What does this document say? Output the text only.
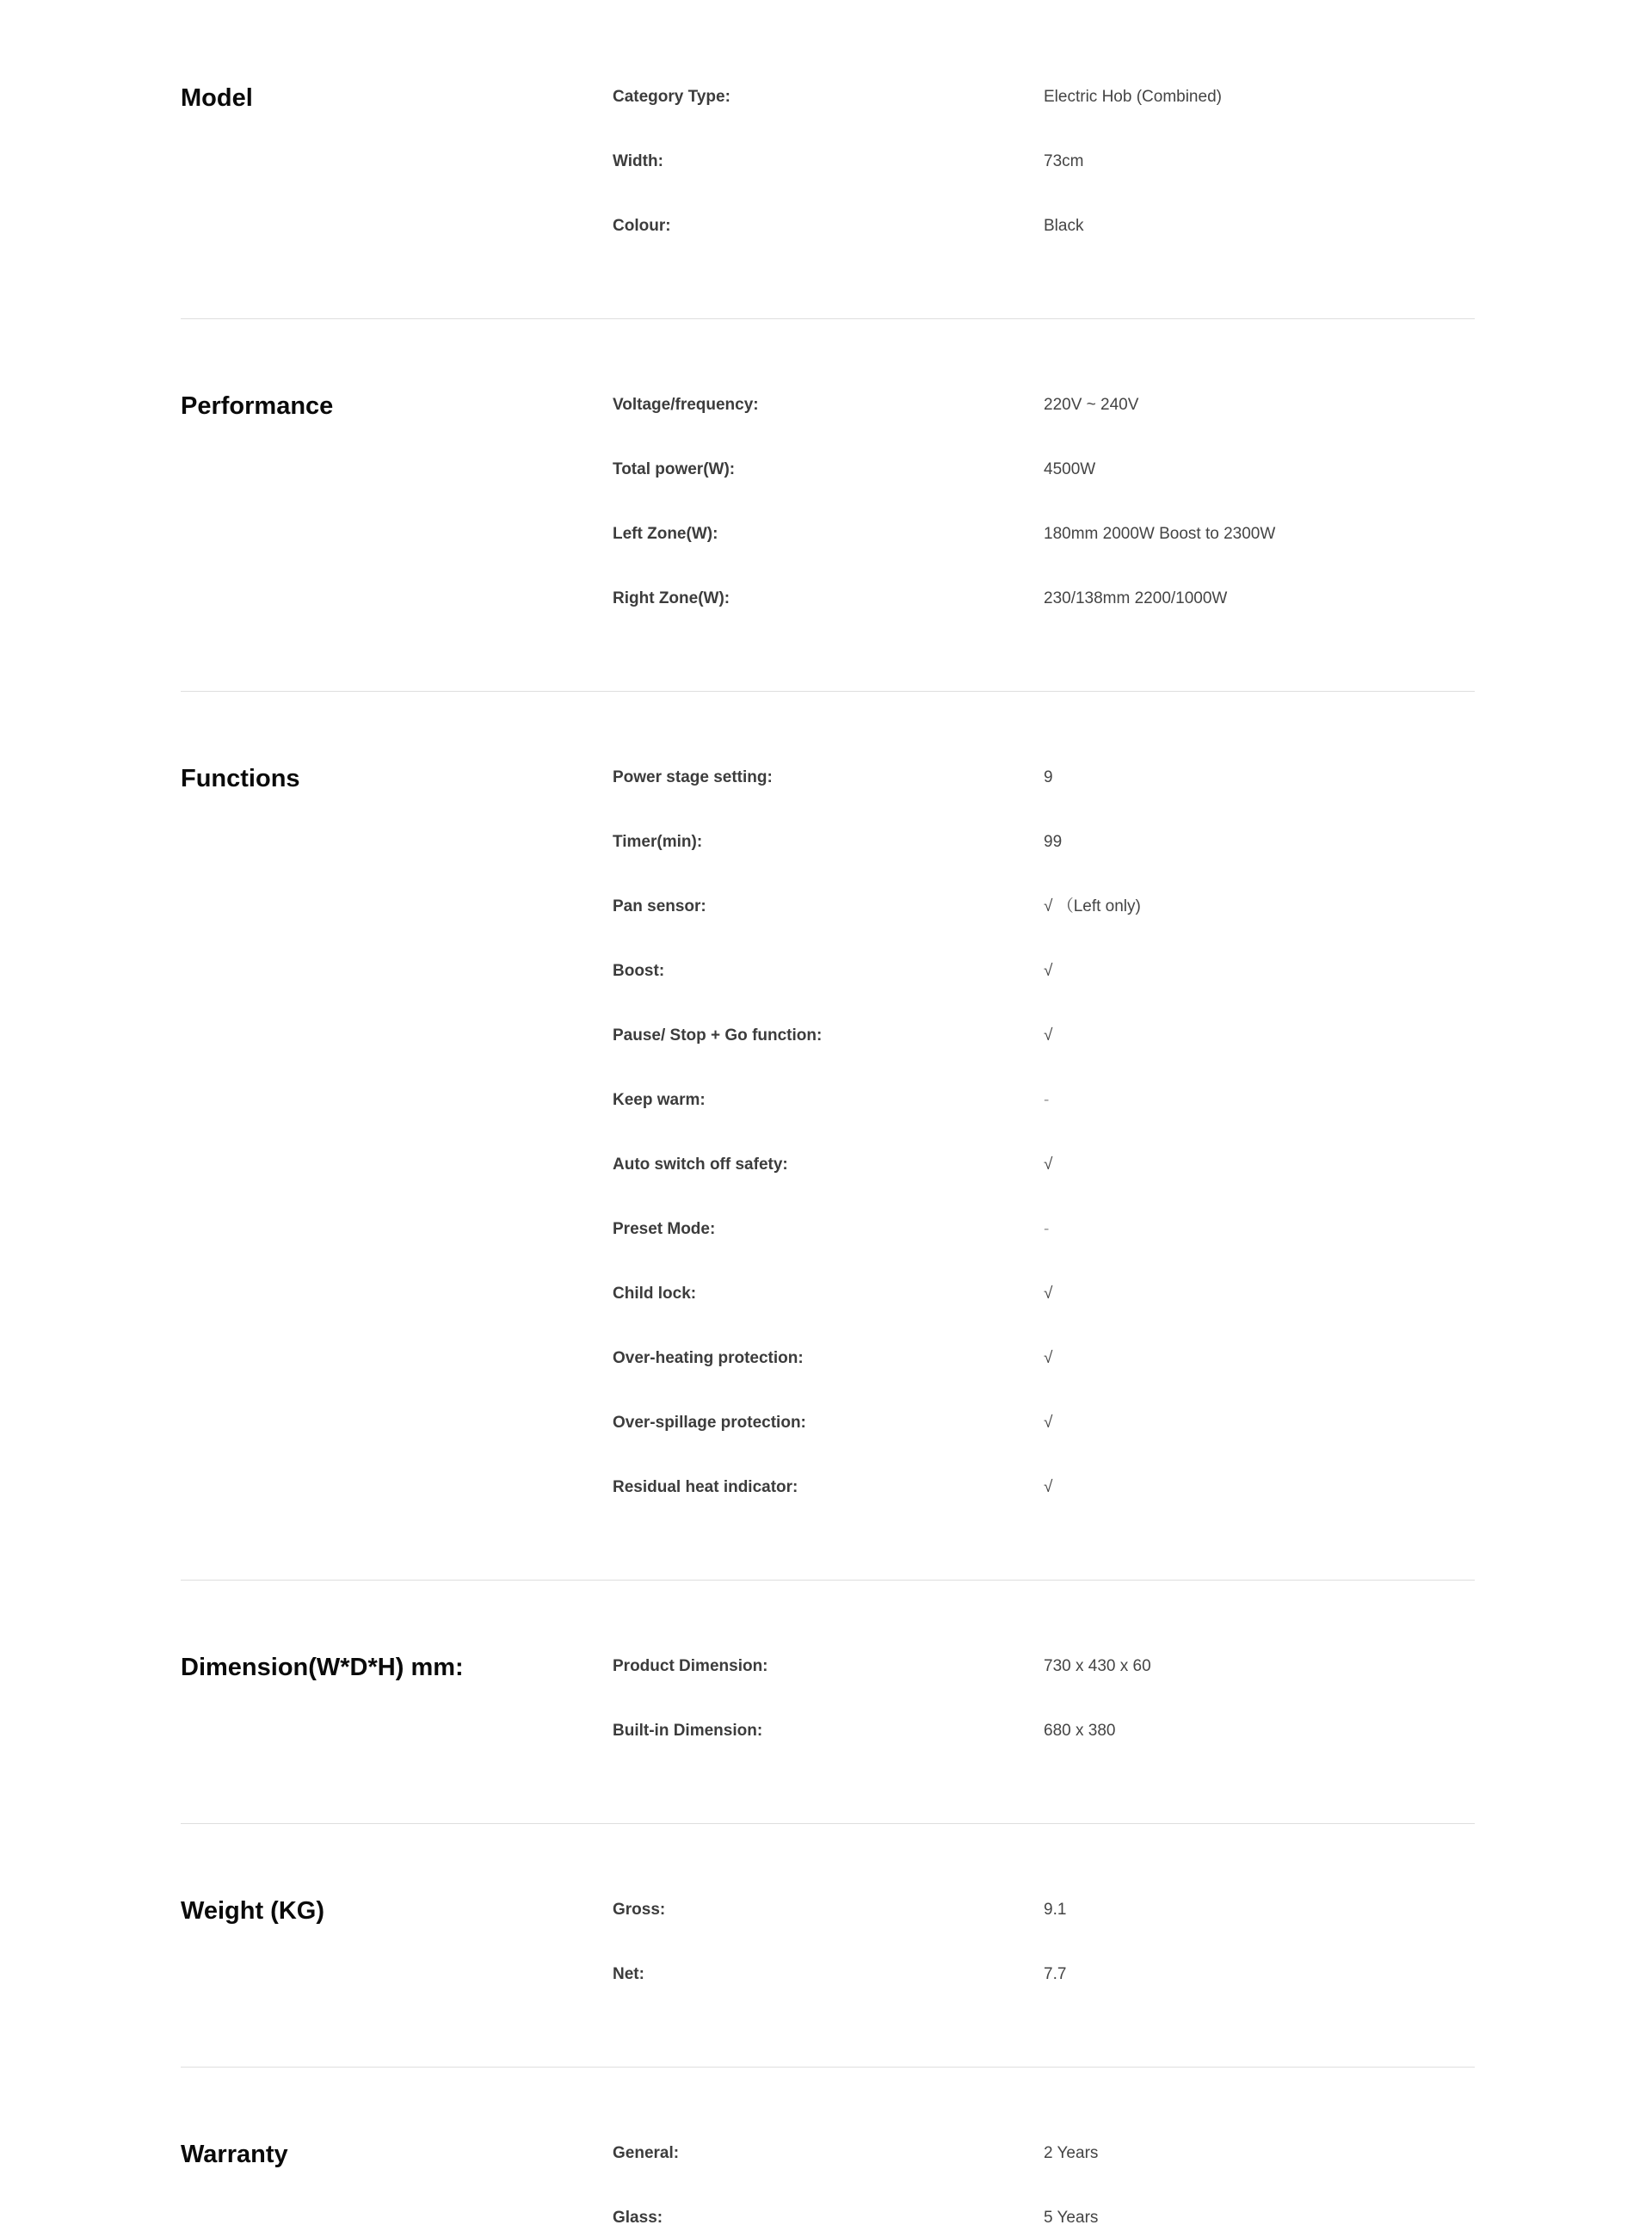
Model	Category Type:	Electric Hob (Combined)
Width:	73cm
Colour:	Black
Performance	Voltage/frequency:	220V ~ 240V
Total power(W):	4500W
Left Zone(W):	180mm 2000W Boost to 2300W
Right Zone(W):	230/138mm 2200/1000W
Functions	Power stage setting:	9
Timer(min):	99
Pan sensor:	√ （Left only)
Boost:	√
Pause/ Stop + Go function:	√
Keep warm:	-
Auto switch off safety:	√
Preset Mode:	-
Child lock:	√
Over-heating protection:	√
Over-spillage protection:	√
Residual heat indicator:	√
Dimension(W*D*H) mm:	Product Dimension:	730 x 430 x 60
Built-in Dimension:	680 x 380
Weight (KG)	Gross:	9.1
Net:	7.7
Warranty	General:	2 Years
Glass:	5 Years
